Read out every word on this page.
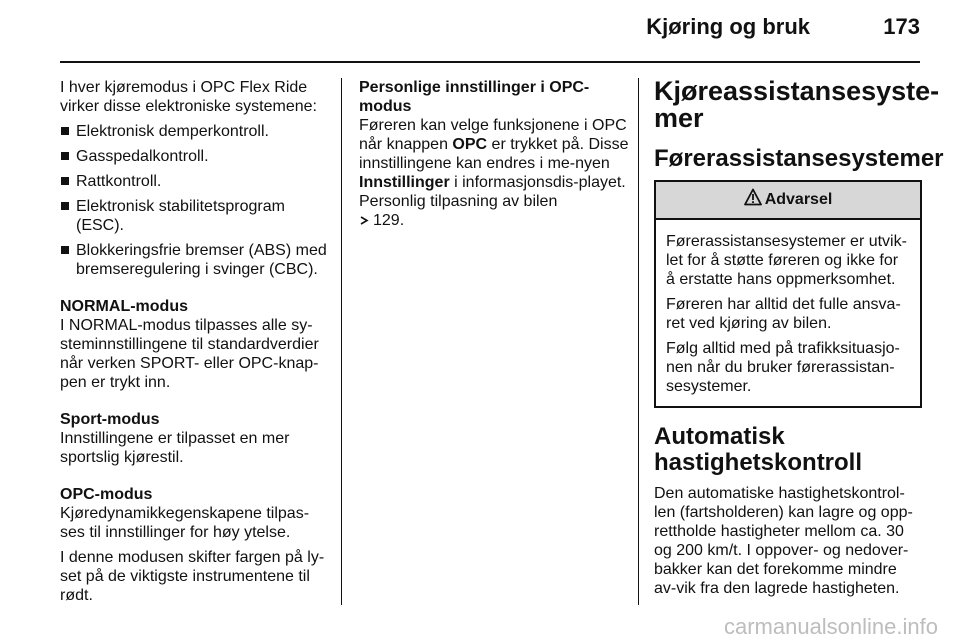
Kjøring og bruk	173

I hver kjøremodus i OPC Flex Ride virker disse elektroniske systemene:

Elektronisk demperkontroll.
Gasspedalkontroll.
Rattkontroll.
Elektronisk stabilitetsprogram (ESC).
Blokkeringsfrie bremser (ABS) med bremseregulering i svinger (CBC).
NORMAL-modus

I NORMAL-modus tilpasses alle sy-steminnstillingene til standardverdier når verken SPORT- eller OPC-knap-pen er trykt inn.

Sport-modus

Innstillingene er tilpasset en mer sportslig kjørestil.

OPC-modus

Kjøredynamikkegenskapene tilpas-ses til innstillinger for høy ytelse.

I denne modusen skifter fargen på ly-set på de viktigste instrumentene til rødt.

Personlige innstillinger i OPC-modus

Føreren kan velge funksjonene i OPC når knappen OPC er trykket på. Disse innstillingene kan endres i me-nyen Innstillinger i informasjonsdis-playet. Personlig tilpasning av bilen
129.

Kjøreassistansesyste-mer
Førerassistansesystemer
Advarsel

Førerassistansesystemer er utvik-let for å støtte føreren og ikke for å erstatte hans oppmerksomhet.

Føreren har alltid det fulle ansva-ret ved kjøring av bilen.

Følg alltid med på trafikksituasjo-nen når du bruker førerassistan-sesystemer.

Automatisk hastighetskontroll

Den automatiske hastighetskontrol-len (fartsholderen) kan lagre og opp-rettholde hastigheter mellom ca. 30 og 200 km/t. I oppover- og nedover-bakker kan det forekomme mindre av-vik fra den lagrede hastigheten.

carmanualsonline.info
